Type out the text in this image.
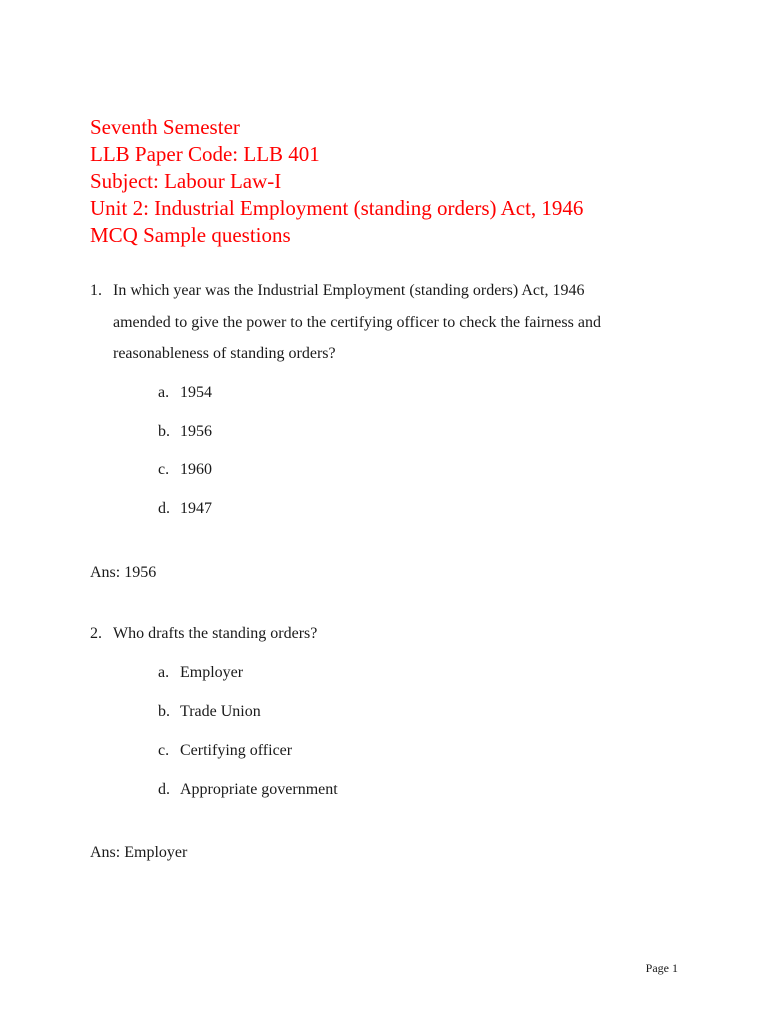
Seventh Semester
LLB Paper Code: LLB 401
Subject: Labour Law-I
Unit 2: Industrial Employment (standing orders) Act, 1946
MCQ Sample questions
1. In which year was the Industrial Employment (standing orders) Act, 1946
amended to give the power to the certifying officer to check the fairness and
reasonableness of standing orders?
a. 1954
b. 1956
c. 1960
d. 1947
Ans: 1956
2. Who drafts the standing orders?
a. Employer
b. Trade Union
c. Certifying officer
d. Appropriate government
Ans: Employer
Page 1
